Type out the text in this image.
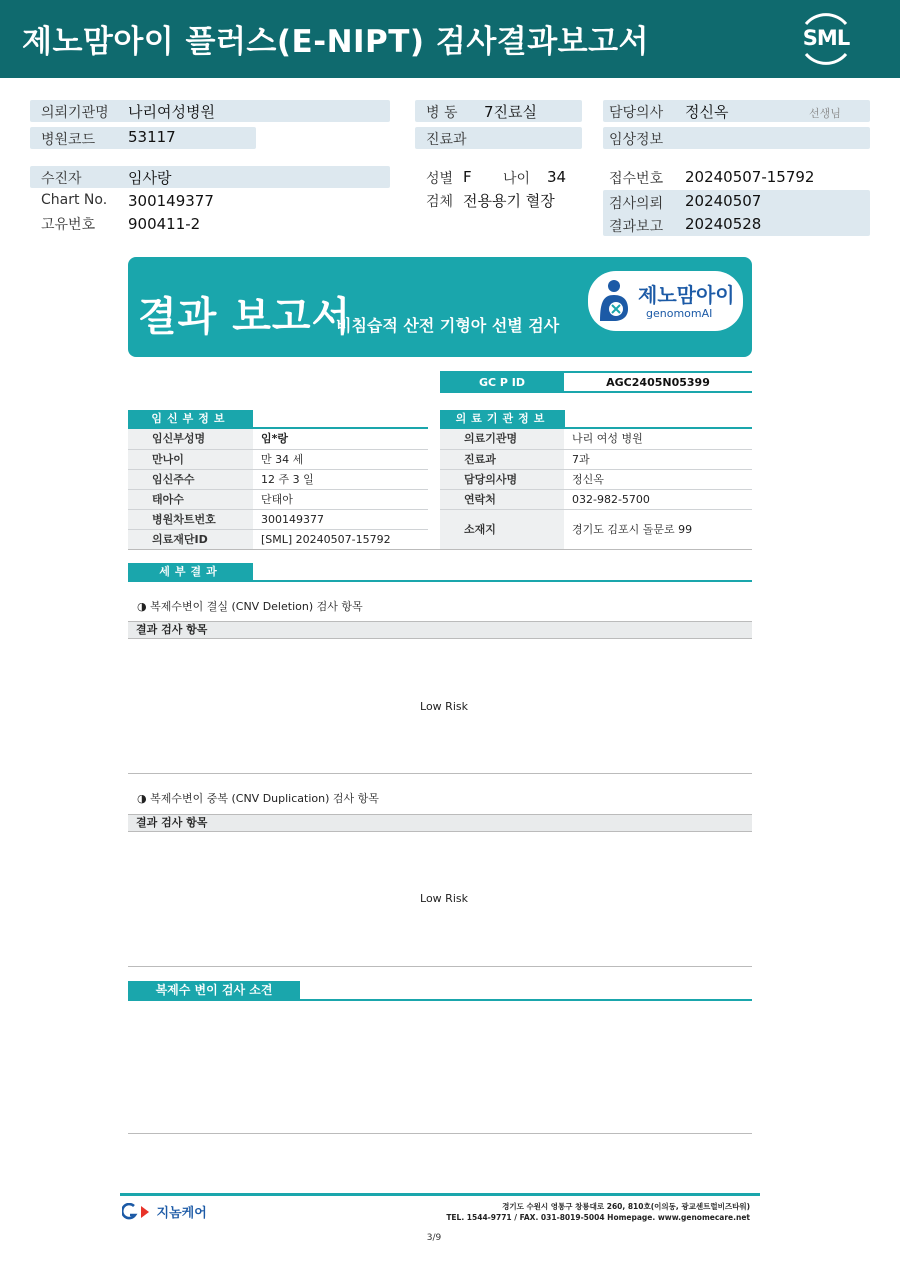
제노맘아이 플러스(E-NIPT) 검사결과보고서	SML
의뢰기관명 나리여성병원
병원코드 53117
수진자	임사랑
Chart No. 300149377
고유번호 900411-2
병 동 7진료실
진료과
성별 F 나이 34
검체 전용용기 혈장
담당의사 정신옥	선생님
임상정보
접수번호 20240507-15792
검사의뢰 20240507
결과보고 20240528
결과 보고서
비침습적 산전 기형아 선별 검사
제노맘아이
genomomAI
GC P ID	AGC2405N05399
임신부정보
임신부성명	임*랑
만나이	만 34 세
임신주수	12 주 3 일
태아수	단태아
병원차트번호	300149377
의료재단ID	[SML] 20240507-15792
의료기관정보
의료기관명	나리 여성 병원
진료과	7과
담당의사명	정신옥
연락처	032-982-5700
소재지	경기도 김포시 돌문로 99
세부결과
◑ 복제수변이 결실 (CNV Deletion) 검사 항목
결과 검사 항목
Low Risk
◑ 복제수변이 중복 (CNV Duplication) 검사 항목
결과 검사 항목
Low Risk
복제수 변이 검사 소견
지놈케어	경기도 수원시 영통구 창룡대로 260, 810호(이의동, 광교센트럴비즈타워)
TEL. 1544-9771 / FAX. 031-8019-5004 Homepage. www.genomecare.net
3/9
